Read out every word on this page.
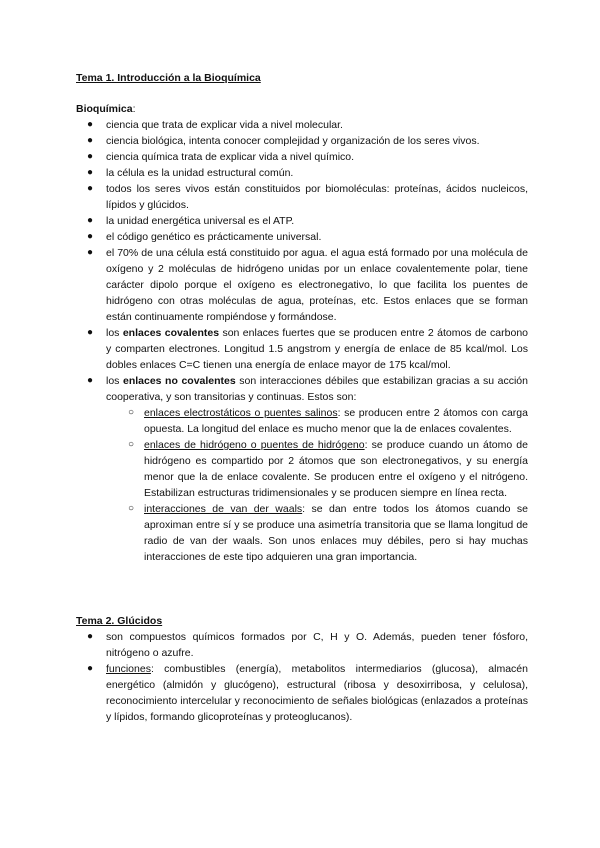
Tema 1. Introducción a la Bioquímica
Bioquímica:
● ciencia que trata de explicar vida a nivel molecular.
● ciencia biológica, intenta conocer complejidad y organización de los seres vivos.
● ciencia química trata de explicar vida a nivel químico.
● la célula es la unidad estructural común.
● todos los seres vivos están constituidos por biomoléculas: proteínas, ácidos nucleicos, lípidos y glúcidos.
● la unidad energética universal es el ATP.
● el código genético es prácticamente universal.
● el 70% de una célula está constituido por agua. el agua está formado por una molécula de oxígeno y 2 moléculas de hidrógeno unidas por un enlace covalentemente polar, tiene carácter dipolo porque el oxígeno es electronegativo, lo que facilita los puentes de hidrógeno con otras moléculas de agua, proteínas, etc. Estos enlaces que se forman están continuamente rompiéndose y formándose.
● los enlaces covalentes son enlaces fuertes que se producen entre 2 átomos de carbono y comparten electrones. Longitud 1.5 angstrom y energía de enlace de 85 kcal/mol. Los dobles enlaces C=C tienen una energía de enlace mayor de 175 kcal/mol.
● los enlaces no covalentes son interacciones débiles que estabilizan gracias a su acción cooperativa, y son transitorias y continuas. Estos son:
○ enlaces electrostáticos o puentes salinos: se producen entre 2 átomos con carga opuesta. La longitud del enlace es mucho menor que la de enlaces covalentes.
○ enlaces de hidrógeno o puentes de hidrógeno: se produce cuando un átomo de hidrógeno es compartido por 2 átomos que son electronegativos, y su energía menor que la de enlace covalente. Se producen entre el oxígeno y el nitrógeno. Estabilizan estructuras tridimensionales y se producen siempre en línea recta.
○ interacciones de van der waals: se dan entre todos los átomos cuando se aproximan entre sí y se produce una asimetría transitoria que se llama longitud de radio de van der waals. Son unos enlaces muy débiles, pero si hay muchas interacciones de este tipo adquieren una gran importancia.
Tema 2. Glúcidos
● son compuestos químicos formados por C, H y O. Además, pueden tener fósforo, nitrógeno o azufre.
● funciones: combustibles (energía), metabolitos intermediarios (glucosa), almacén energético (almidón y glucógeno), estructural (ribosa y desoxirribosa, y celulosa), reconocimiento intercelular y reconocimiento de señales biológicas (enlazados a proteínas y lípidos, formando glicoproteínas y proteoglucanos).
